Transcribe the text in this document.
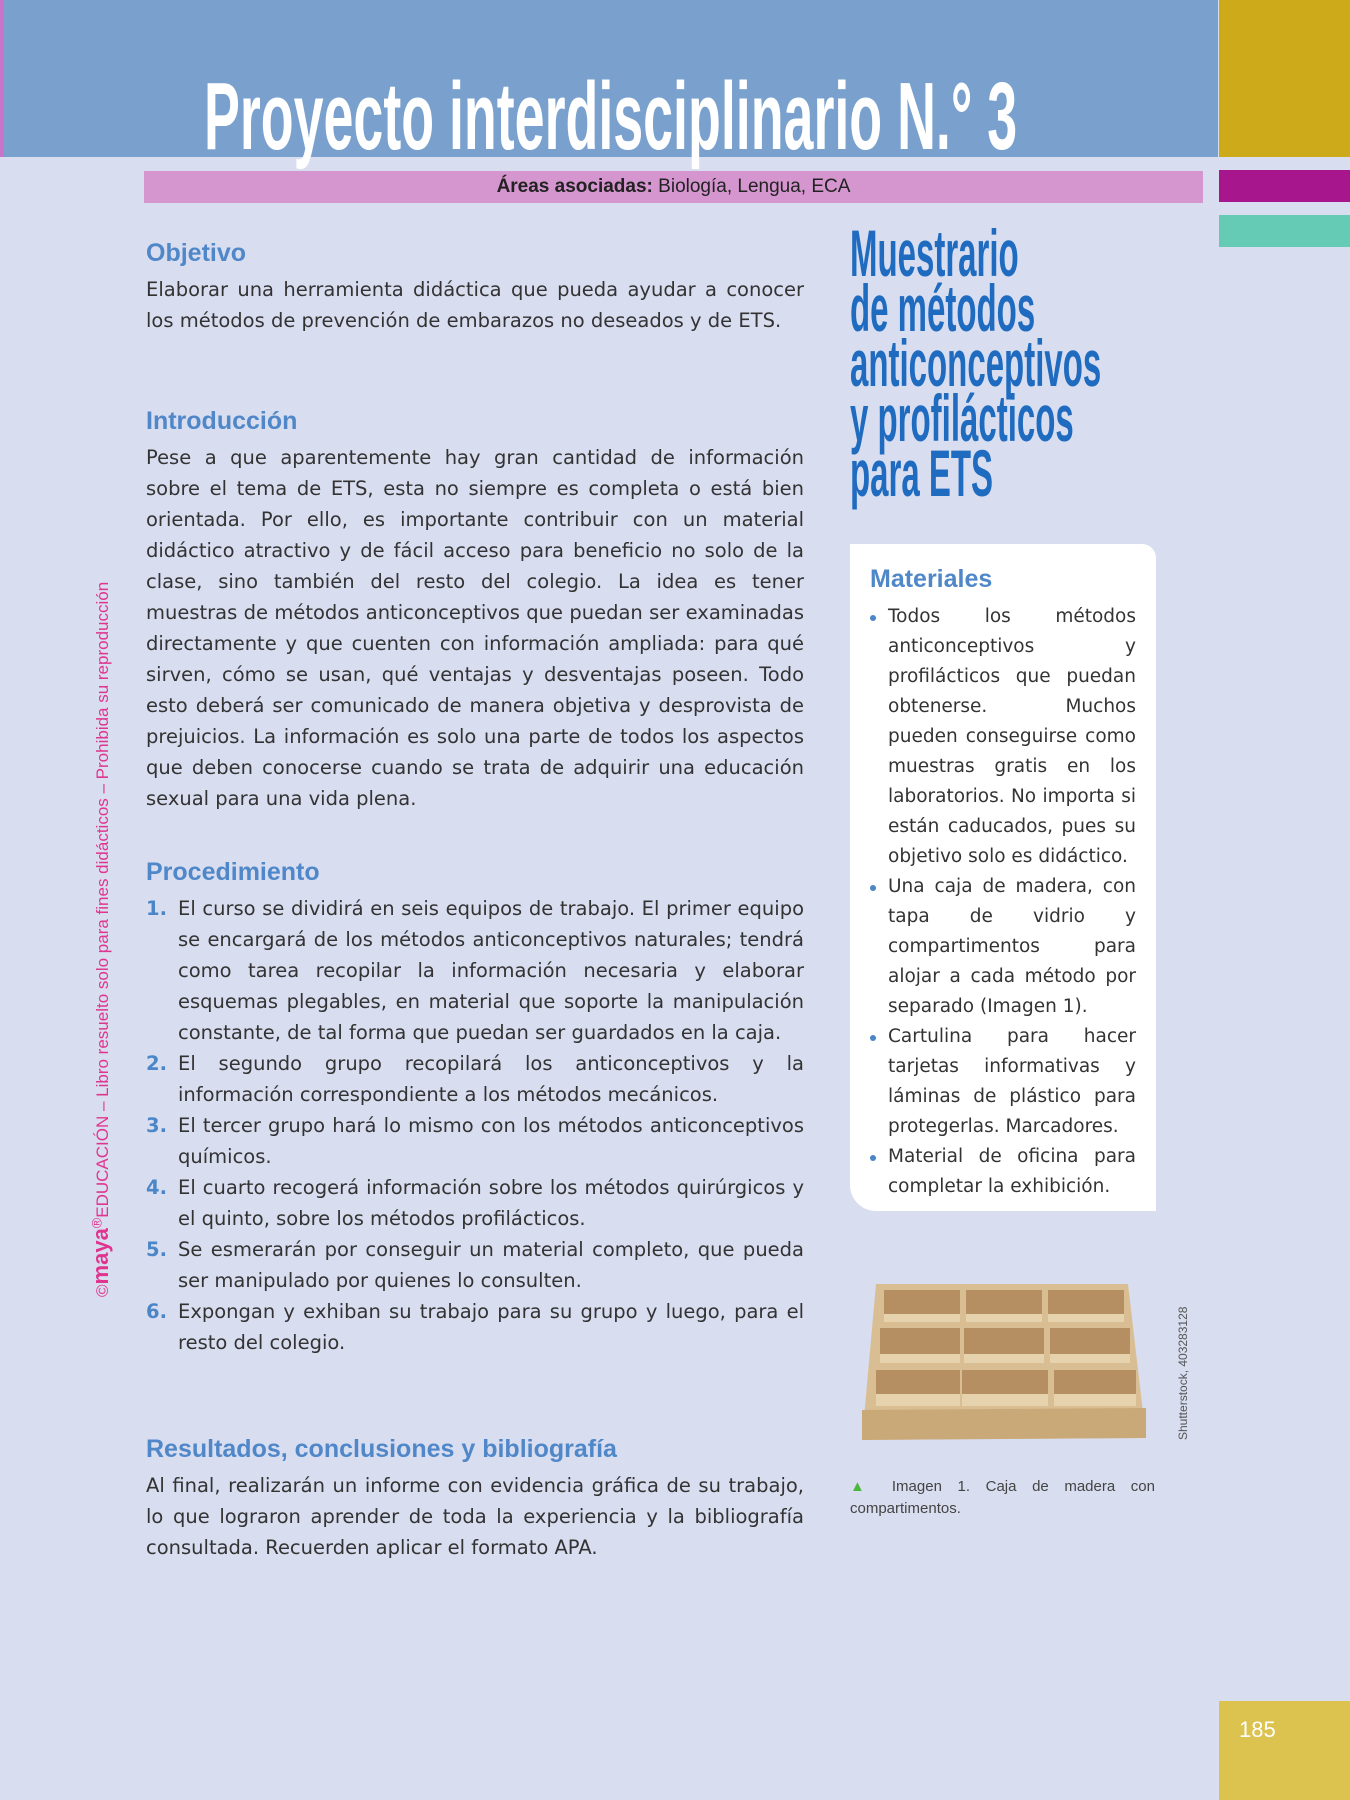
Proyecto interdisciplinario N.° 3
Áreas asociadas: Biología, Lengua, ECA
©maya®EDUCACIÓN – Libro resuelto solo para fines didácticos – Prohibida su reproducción
Objetivo

Elaborar una herramienta didáctica que pueda ayudar a conocer los métodos de prevención de embarazos no deseados y de ETS.

Introducción

Pese a que aparentemente hay gran cantidad de información sobre el tema de ETS, esta no siempre es completa o está bien orientada. Por ello, es importante contribuir con un material didáctico atractivo y de fácil acceso para beneficio no solo de la clase, sino también del resto del colegio. La idea es tener muestras de métodos anticonceptivos que puedan ser examinadas directamente y que cuenten con información ampliada: para qué sirven, cómo se usan, qué ventajas y desventajas poseen. Todo esto deberá ser comunicado de manera objetiva y desprovista de prejuicios. La información es solo una parte de todos los aspectos que deben conocerse cuando se trata de adquirir una educación sexual para una vida plena.

Procedimiento
1. El curso se dividirá en seis equipos de trabajo. El primer equipo se encargará de los métodos anticonceptivos naturales; tendrá como tarea recopilar la información necesaria y elaborar esquemas plegables, en material que soporte la manipulación constante, de tal forma que puedan ser guardados en la caja.
2. El segundo grupo recopilará los anticonceptivos y la información correspondiente a los métodos mecánicos.
3. El tercer grupo hará lo mismo con los métodos anticonceptivos químicos.
4. El cuarto recogerá información sobre los métodos quirúrgicos y el quinto, sobre los métodos profilácticos.
5. Se esmerarán por conseguir un material completo, que pueda ser manipulado por quienes lo consulten.
6. Expongan y exhiban su trabajo para su grupo y luego, para el resto del colegio.
Resultados, conclusiones y bibliografía

Al final, realizarán un informe con evidencia gráfica de su trabajo, lo que lograron aprender de toda la experiencia y la bibliografía consultada. Recuerden aplicar el formato APA.

Muestrario
de métodos
anticonceptivos
y profilácticos
para ETS
Materiales
Todos los métodos anticonceptivos y profilácticos que puedan obtenerse. Muchos pueden conseguirse como muestras gratis en los laboratorios. No importa si están caducados, pues su objetivo solo es didáctico.
Una caja de madera, con tapa de vidrio y compartimentos para alojar a cada método por separado (Imagen 1).
Cartulina para hacer tarjetas informativas y láminas de plástico para protegerlas. Marcadores.
Material de oficina para completar la exhibición.
Shutterstock, 403283128

▲ Imagen 1. Caja de madera con compartimentos.

185
